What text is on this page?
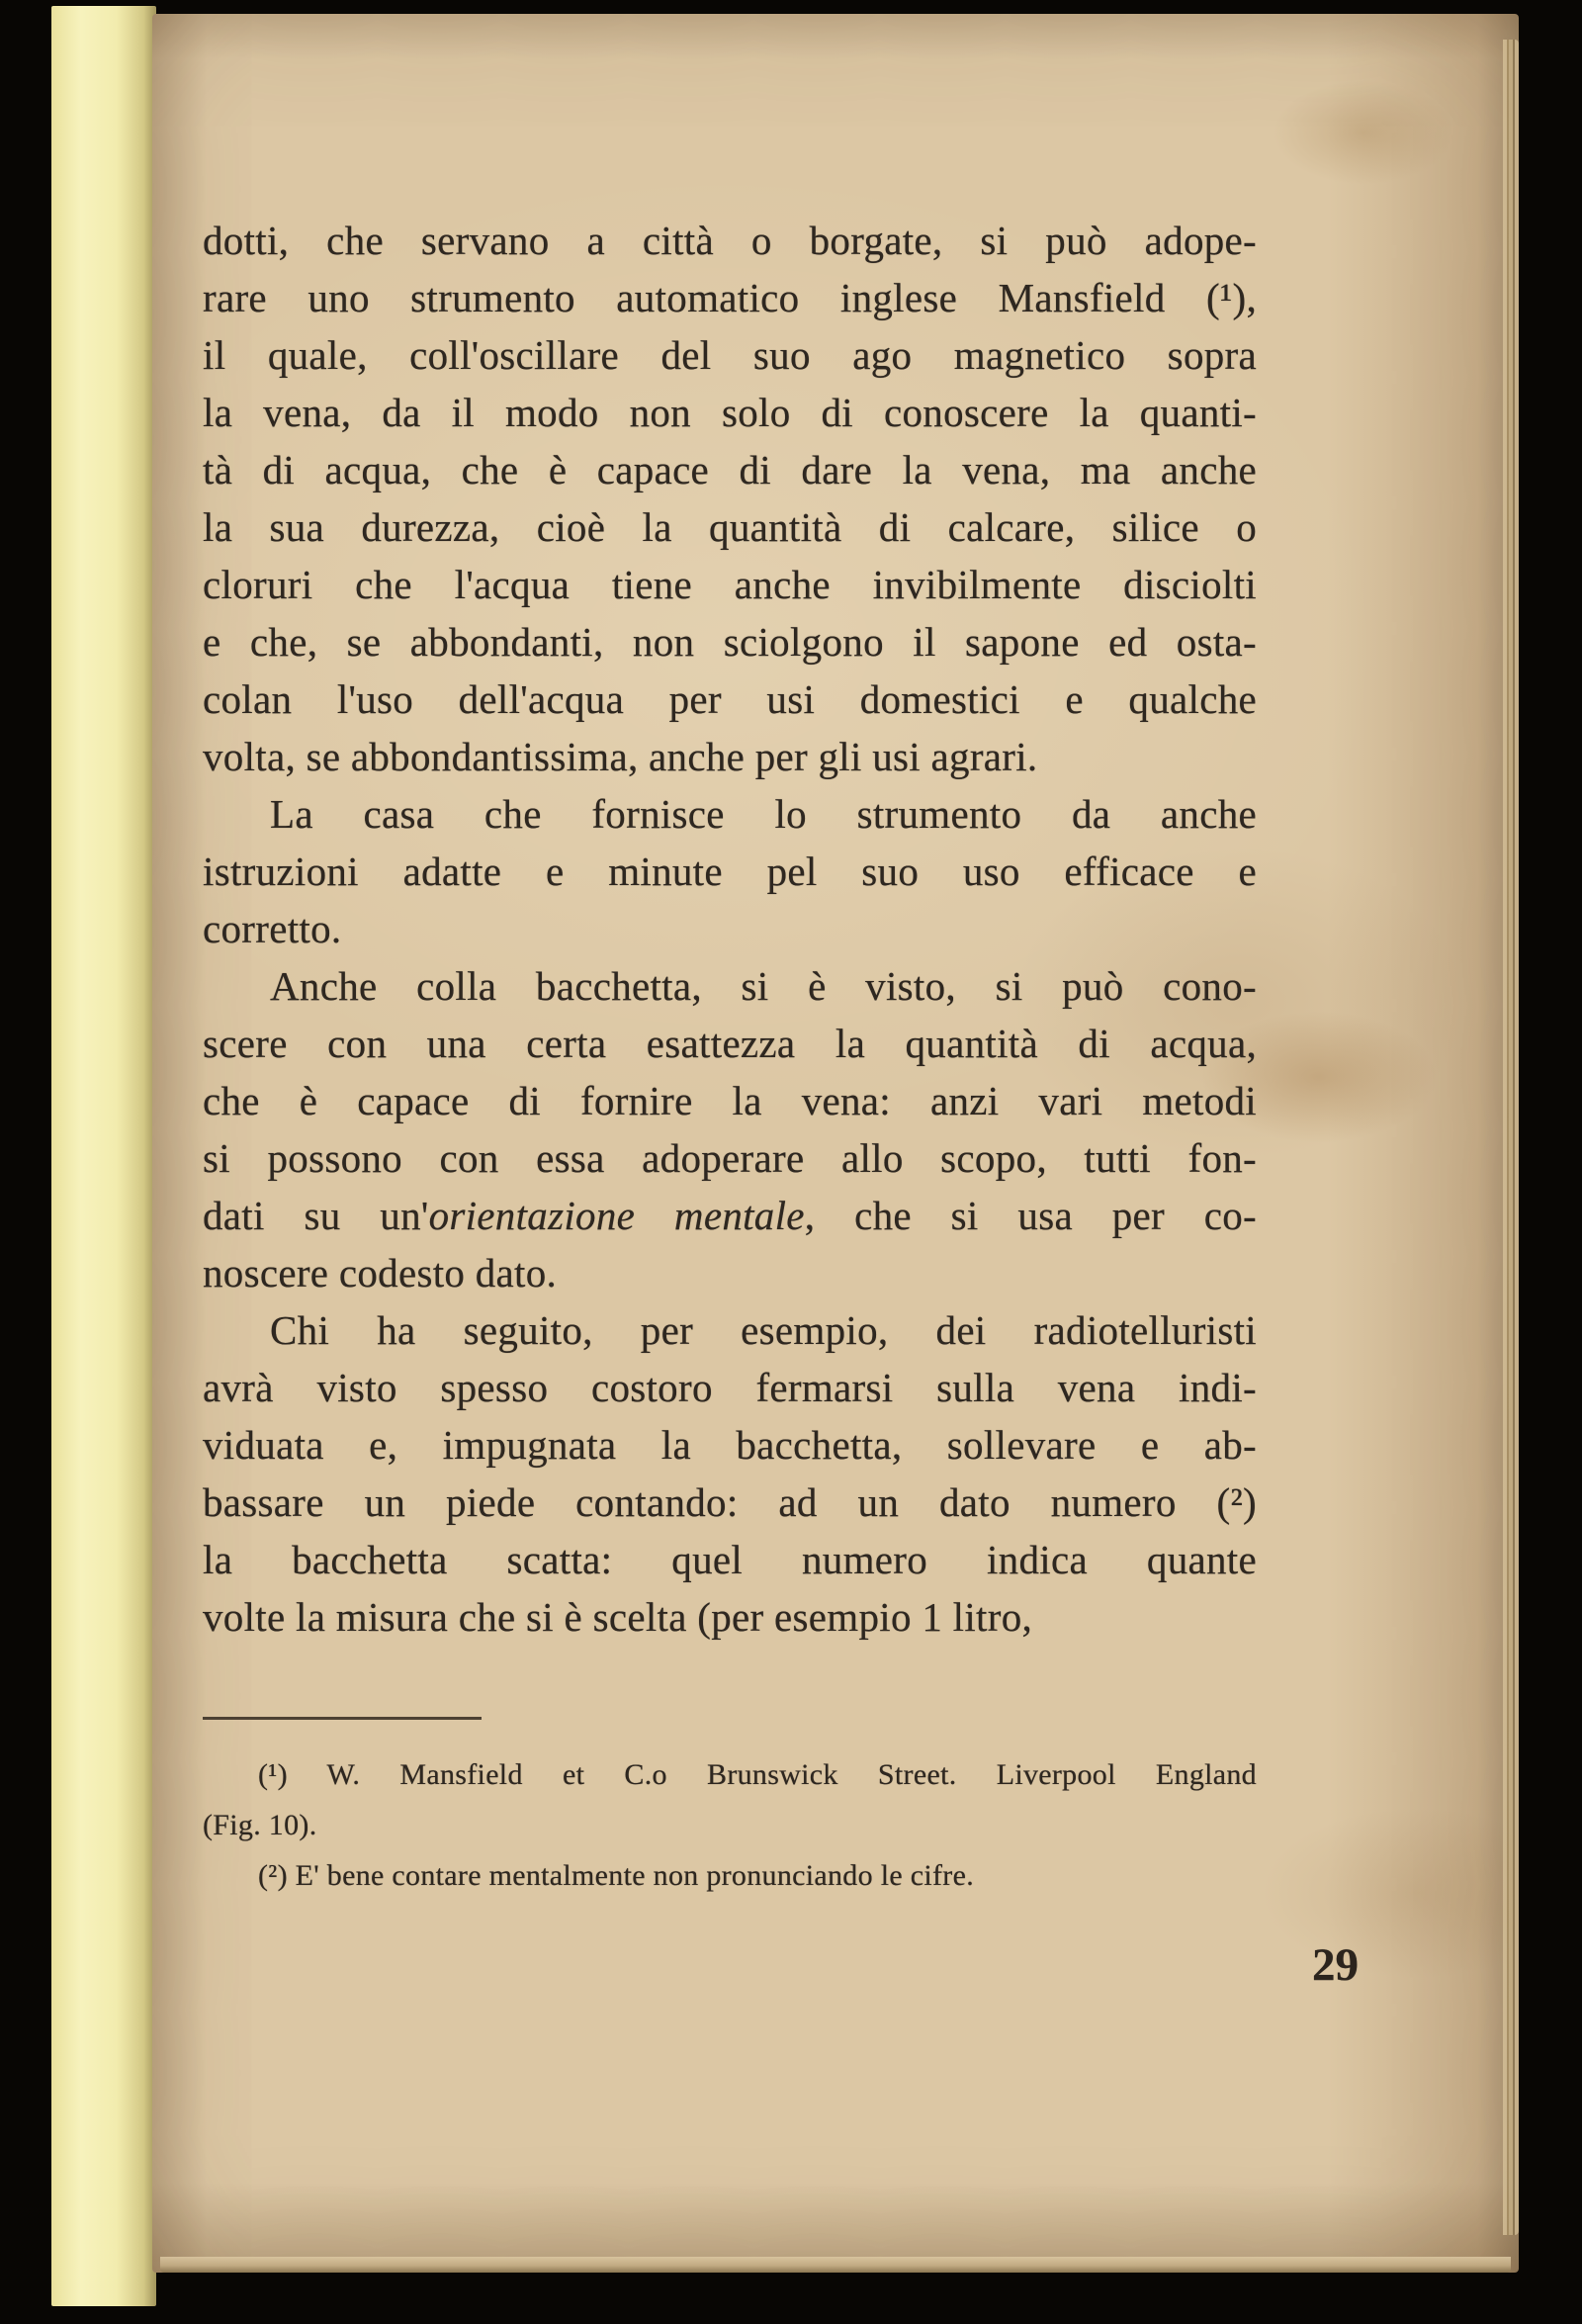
dotti, che servano a città o borgate, si può adope-
rare uno strumento automatico inglese Mansfield (¹),
il quale, coll'oscillare del suo ago magnetico sopra
la vena, da il modo non solo di conoscere la quanti-
tà di acqua, che è capace di dare la vena, ma anche
la sua durezza, cioè la quantità di calcare, silice o
cloruri che l'acqua tiene anche invibilmente disciolti
e che, se abbondanti, non sciolgono il sapone ed osta-
colan l'uso dell'acqua per usi domestici e qualche
volta, se abbondantissima, anche per gli usi agrari.
La casa che fornisce lo strumento da anche
istruzioni adatte e minute pel suo uso efficace e
corretto.
Anche colla bacchetta, si è visto, si può cono-
scere con una certa esattezza la quantità di acqua,
che è capace di fornire la vena: anzi vari metodi
si possono con essa adoperare allo scopo, tutti fon-
dati su un'orientazione mentale, che si usa per co-
noscere codesto dato.
Chi ha seguito, per esempio, dei radiotelluristi
avrà visto spesso costoro fermarsi sulla vena indi-
viduata e, impugnata la bacchetta, sollevare e ab-
bassare un piede contando: ad un dato numero (²)
la bacchetta scatta: quel numero indica quante
volte la misura che si è scelta (per esempio 1 litro,
(¹) W. Mansfield et C.o Brunswick Street. Liverpool England
(Fig. 10).
(²) E' bene contare mentalmente non pronunciando le cifre.
29
